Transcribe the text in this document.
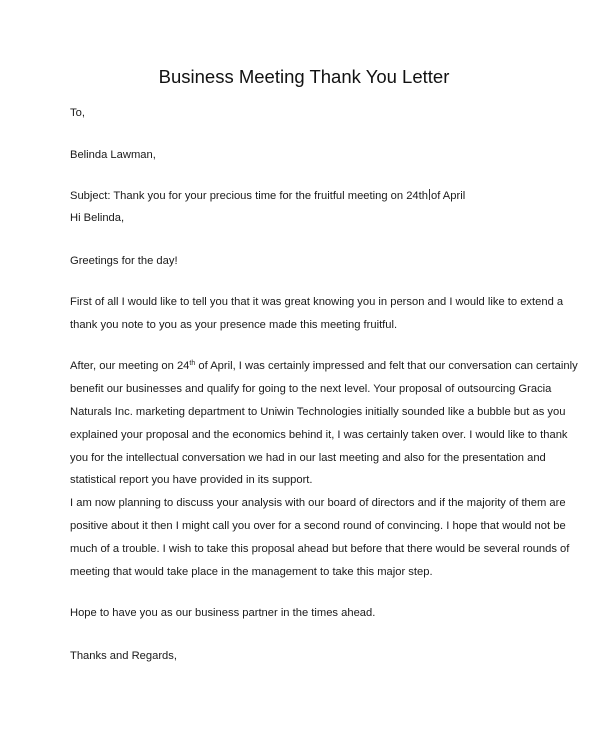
Business Meeting Thank You Letter
To,
Belinda Lawman,
Subject: Thank you for your precious time for the fruitful meeting on 24th of April
Hi Belinda,
Greetings for the day!
First of all I would like to tell you that it was great knowing you in person and I would like to extend a
thank you note to you as your presence made this meeting fruitful.
After, our meeting on 24th of April, I was certainly impressed and felt that our conversation can certainly
benefit our businesses and qualify for going to the next level. Your proposal of outsourcing Gracia
Naturals Inc. marketing department to Uniwin Technologies initially sounded like a bubble but as you
explained your proposal and the economics behind it, I was certainly taken over. I would like to thank
you for the intellectual conversation we had in our last meeting and also for the presentation and
statistical report you have provided in its support.
I am now planning to discuss your analysis with our board of directors and if the majority of them are
positive about it then I might call you over for a second round of convincing. I hope that would not be
much of a trouble. I wish to take this proposal ahead but before that there would be several rounds of
meeting that would take place in the management to take this major step.
Hope to have you as our business partner in the times ahead.
Thanks and Regards,
